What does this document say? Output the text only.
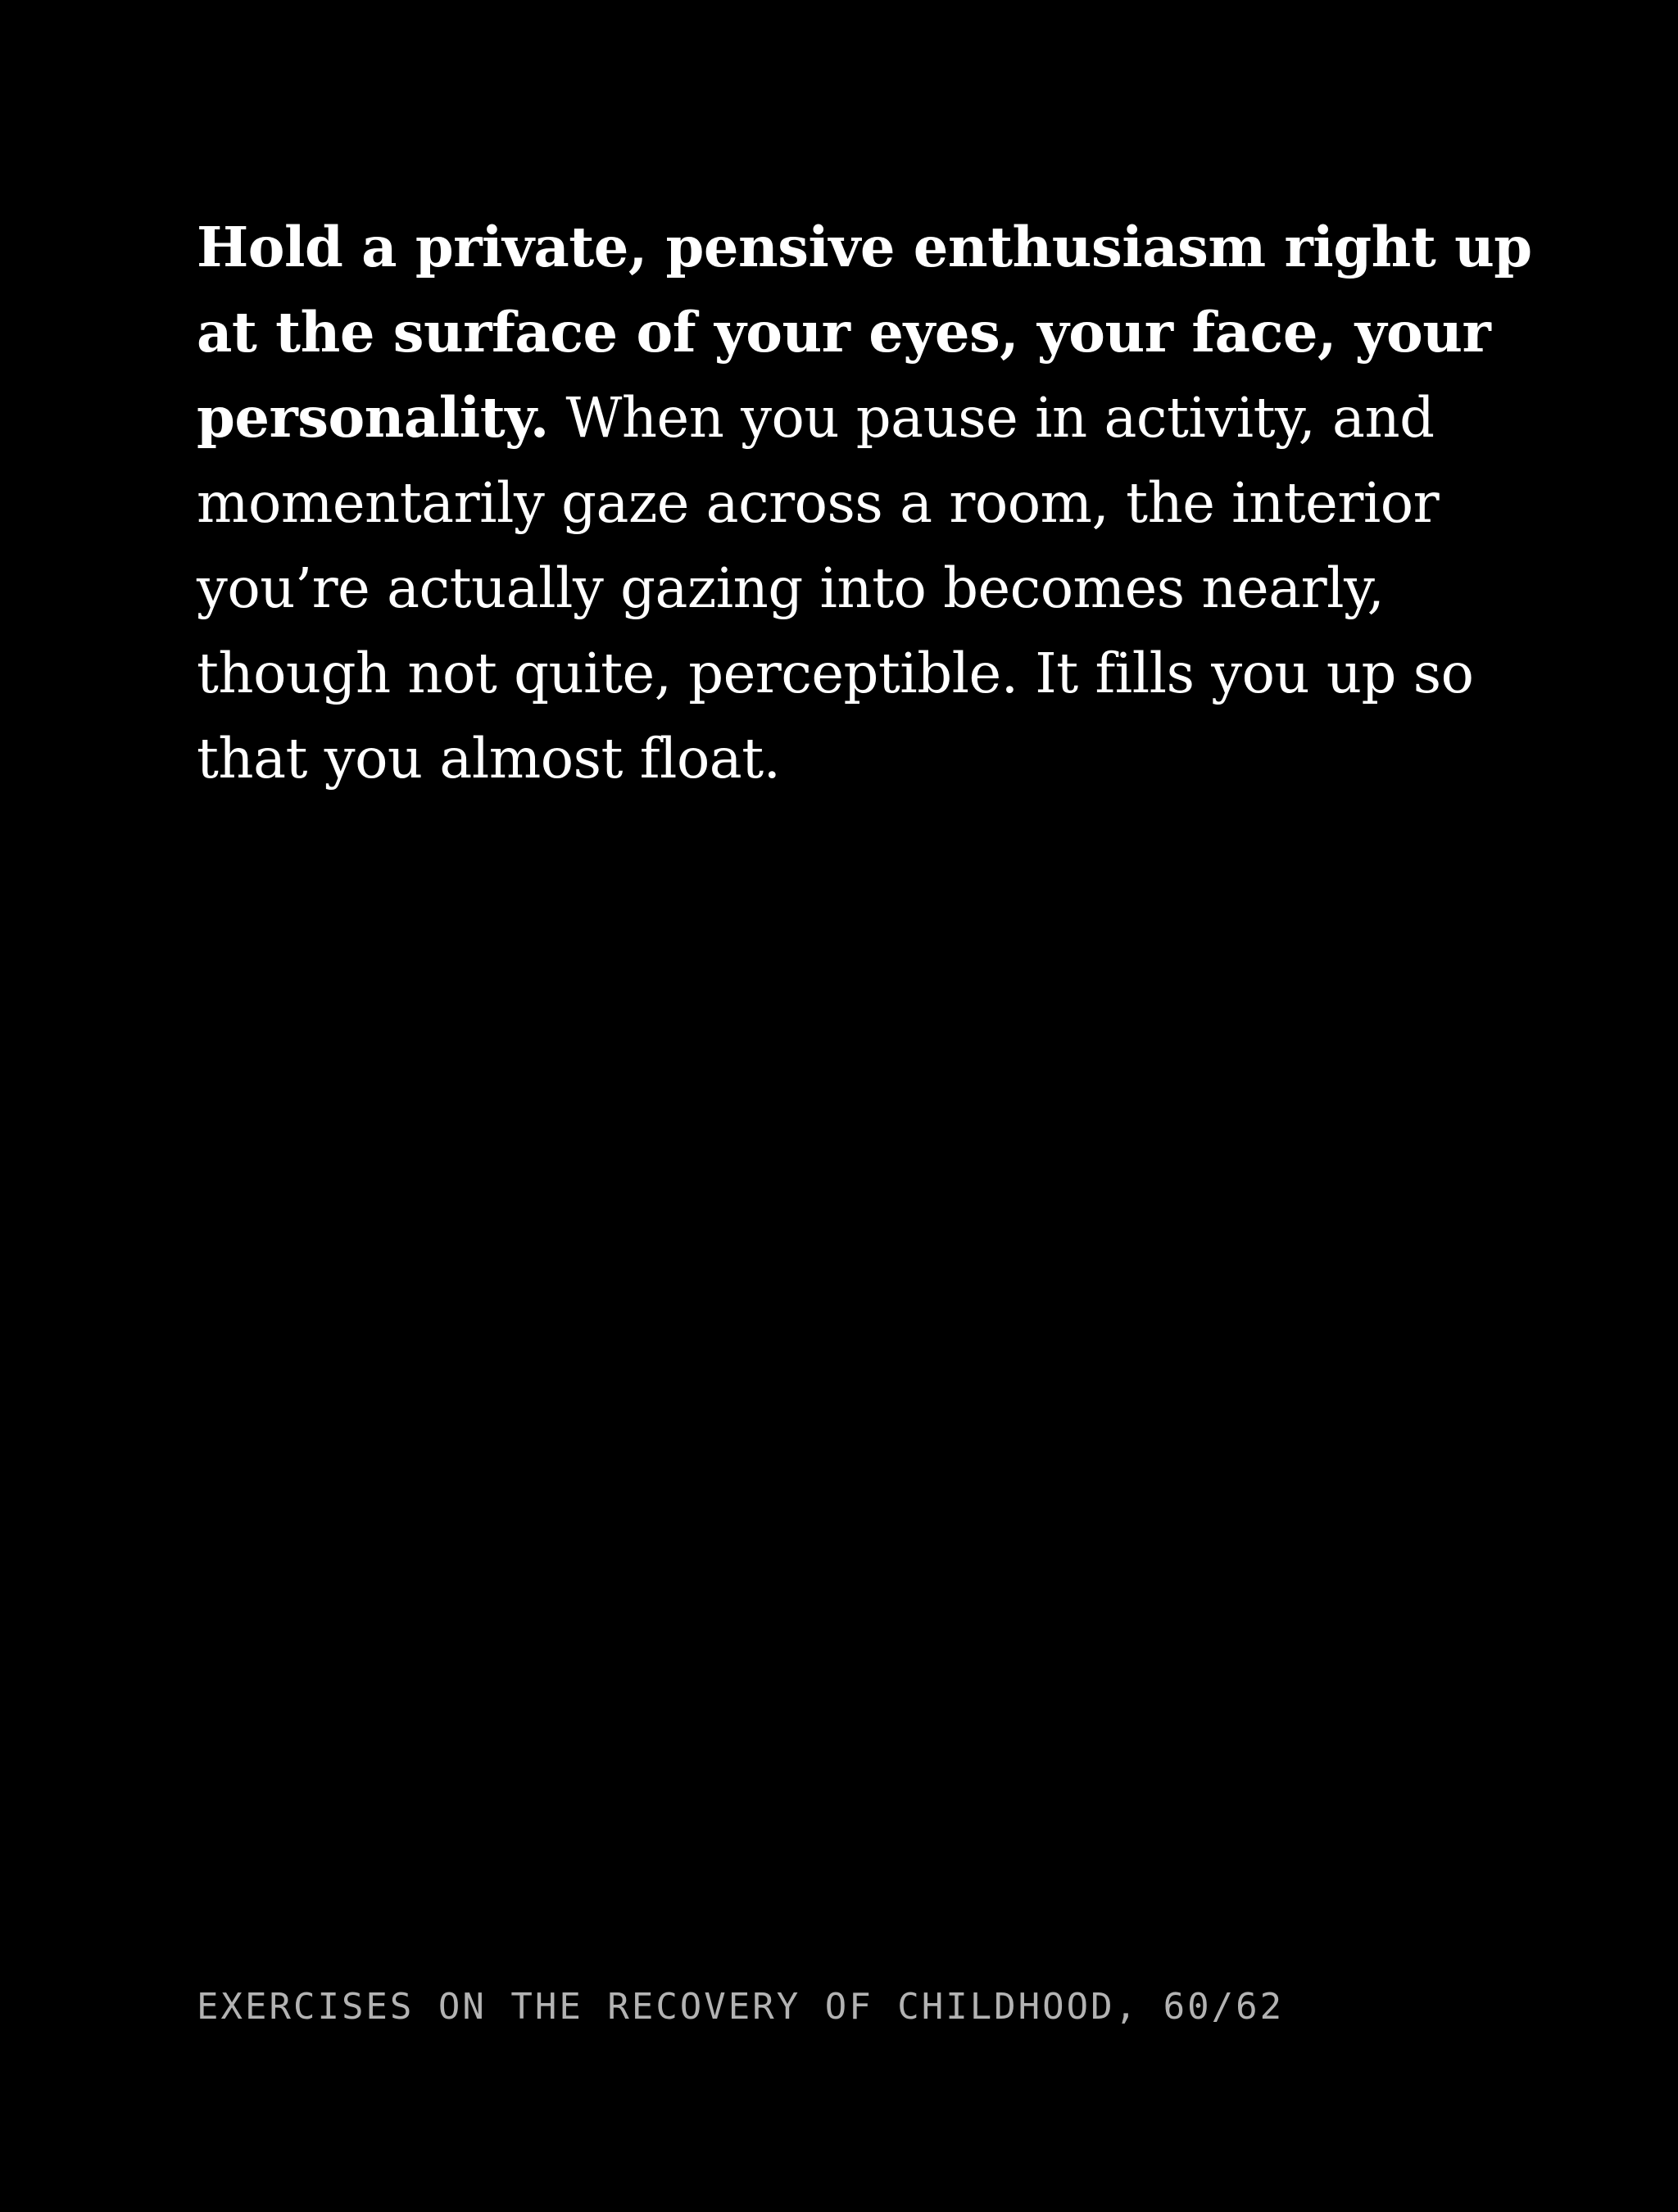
Hold a private, pensive enthusiasm right up
at the surface of your eyes, your face, your
personality. When you pause in activity, and
momentarily gaze across a room, the interior
you’re actually gazing into becomes nearly,
though not quite, perceptible. It fills you up so
that you almost float.

EXERCISES ON THE RECOVERY OF CHILDHOOD, 60/62
